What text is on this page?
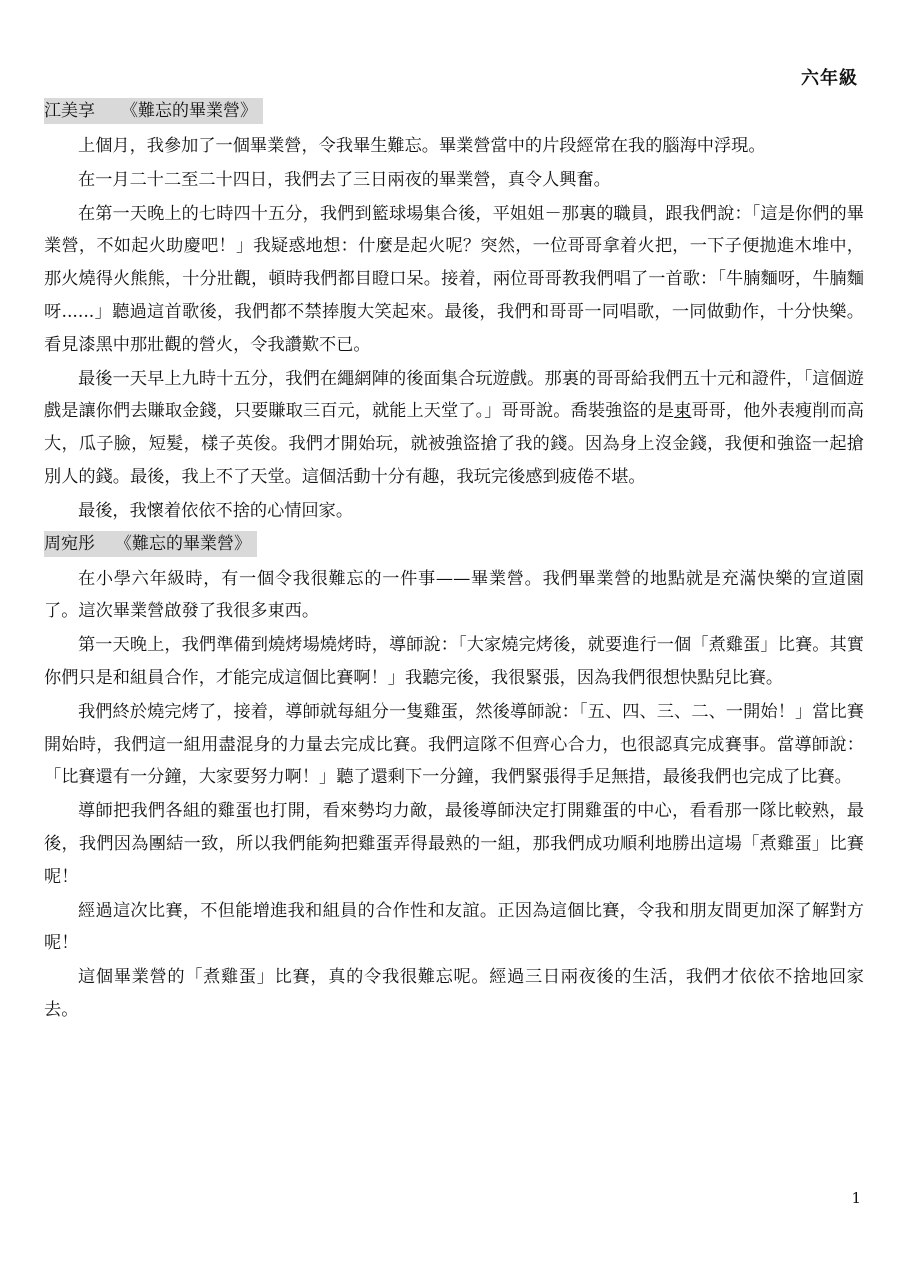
六年級
江美享 《難忘的畢業營》

上個月，我參加了一個畢業營，令我畢生難忘。畢業營當中的片段經常在我的腦海中浮現。

在一月二十二至二十四日，我們去了三日兩夜的畢業營，真令人興奮。

在第一天晚上的七時四十五分，我們到籃球場集合後，平姐姐－那裏的職員，跟我們說：「這是你們的畢業營，不如起火助慶吧！」我疑惑地想：什麼是起火呢？突然，一位哥哥拿着火把，一下子便拋進木堆中，那火燒得火熊熊，十分壯觀，頓時我們都目瞪口呆。接着，兩位哥哥教我們唱了一首歌：「牛腩麵呀，牛腩麵呀......」聽過這首歌後，我們都不禁捧腹大笑起來。最後，我們和哥哥一同唱歌，一同做動作，十分快樂。看見漆黑中那壯觀的營火，令我讚歎不已。

最後一天早上九時十五分，我們在繩網陣的後面集合玩遊戲。那裏的哥哥給我們五十元和證件，「這個遊戲是讓你們去賺取金錢，只要賺取三百元，就能上天堂了。」哥哥說。喬裝強盜的是東哥哥，他外表瘦削而高大，瓜子臉，短髮，樣子英俊。我們才開始玩，就被強盜搶了我的錢。因為身上沒金錢，我便和強盜一起搶別人的錢。最後，我上不了天堂。這個活動十分有趣，我玩完後感到疲倦不堪。

最後，我懷着依依不捨的心情回家。

周宛彤 《難忘的畢業營》

在小學六年級時，有一個令我很難忘的一件事——畢業營。我們畢業營的地點就是充滿快樂的宣道園了。這次畢業營啟發了我很多東西。

第一天晚上，我們準備到燒烤場燒烤時，導師說：「大家燒完烤後，就要進行一個「煮雞蛋」比賽。其實你們只是和組員合作，才能完成這個比賽啊！」我聽完後，我很緊張，因為我們很想快點兒比賽。

我們終於燒完烤了，接着，導師就每組分一隻雞蛋，然後導師說：「五、四、三、二、一開始！」當比賽開始時，我們這一組用盡混身的力量去完成比賽。我們這隊不但齊心合力，也很認真完成賽事。當導師說：「比賽還有一分鐘，大家要努力啊！」聽了還剩下一分鐘，我們緊張得手足無措，最後我們也完成了比賽。

導師把我們各組的雞蛋也打開，看來勢均力敵，最後導師決定打開雞蛋的中心，看看那一隊比較熟，最後，我們因為團結一致，所以我們能夠把雞蛋弄得最熟的一組，那我們成功順利地勝出這場「煮雞蛋」比賽呢！

經過這次比賽，不但能增進我和組員的合作性和友誼。正因為這個比賽，令我和朋友間更加深了解對方呢！

這個畢業營的「煮雞蛋」比賽，真的令我很難忘呢。經過三日兩夜後的生活，我們才依依不捨地回家去。

1
